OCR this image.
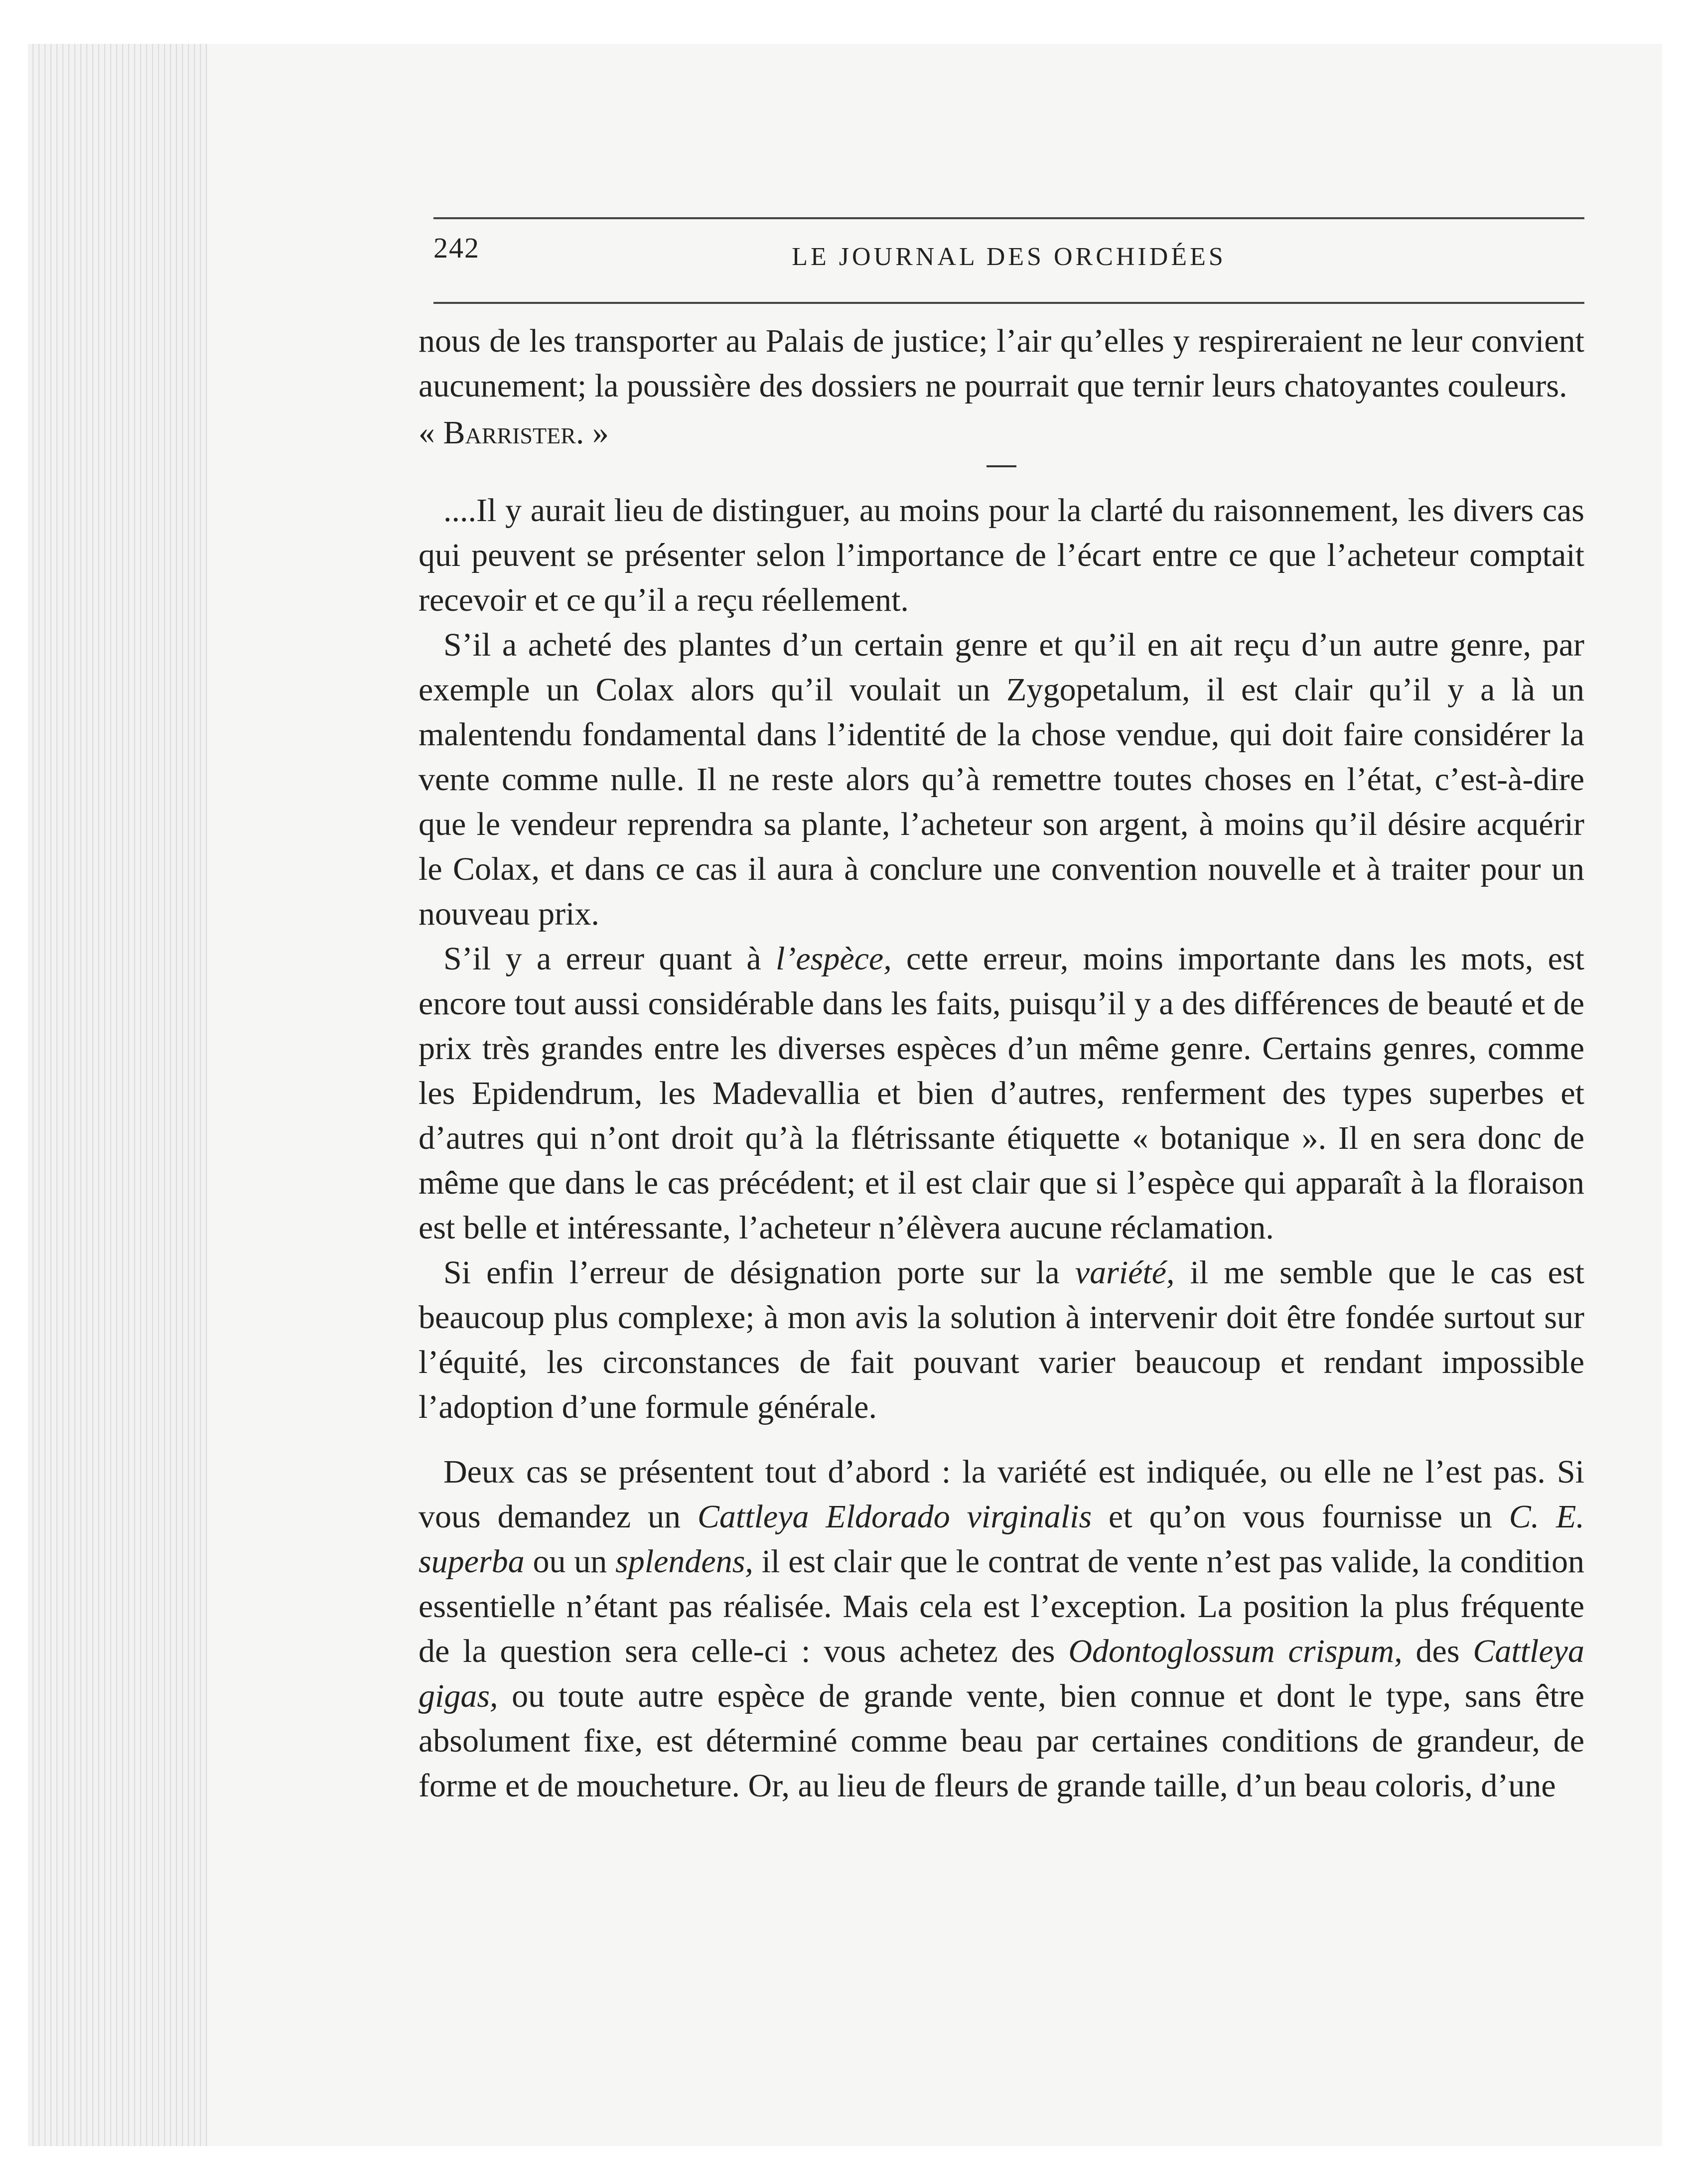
242	LE JOURNAL DES ORCHIDÉES

nous de les transporter au Palais de justice; l’air qu’elles y respireraient ne leur convient aucunement; la poussière des dossiers ne pourrait que ternir leurs chatoyantes couleurs.

« Barrister. »

....Il y aurait lieu de distinguer, au moins pour la clarté du raisonnement, les divers cas qui peuvent se présenter selon l’importance de l’écart entre ce que l’acheteur comptait recevoir et ce qu’il a reçu réellement.

S’il a acheté des plantes d’un certain genre et qu’il en ait reçu d’un autre genre, par exemple un Colax alors qu’il voulait un Zygopetalum, il est clair qu’il y a là un malentendu fondamental dans l’identité de la chose vendue, qui doit faire considérer la vente comme nulle. Il ne reste alors qu’à remettre toutes choses en l’état, c’est-à-dire que le vendeur reprendra sa plante, l’acheteur son argent, à moins qu’il désire acquérir le Colax, et dans ce cas il aura à conclure une convention nouvelle et à traiter pour un nouveau prix.

S’il y a erreur quant à l’espèce, cette erreur, moins importante dans les mots, est encore tout aussi considérable dans les faits, puisqu’il y a des différences de beauté et de prix très grandes entre les diverses espèces d’un même genre. Certains genres, comme les Epidendrum, les Madevallia et bien d’autres, renferment des types superbes et d’autres qui n’ont droit qu’à la flétrissante étiquette « botanique ». Il en sera donc de même que dans le cas précédent; et il est clair que si l’espèce qui apparaît à la floraison est belle et intéressante, l’acheteur n’élèvera aucune réclamation.

Si enfin l’erreur de désignation porte sur la variété, il me semble que le cas est beaucoup plus complexe; à mon avis la solution à intervenir doit être fondée surtout sur l’équité, les circonstances de fait pouvant varier beaucoup et rendant impossible l’adoption d’une formule générale.

Deux cas se présentent tout d’abord : la variété est indiquée, ou elle ne l’est pas. Si vous demandez un Cattleya Eldorado virginalis et qu’on vous fournisse un C. E. superba ou un splendens, il est clair que le contrat de vente n’est pas valide, la condition essentielle n’étant pas réalisée. Mais cela est l’exception. La position la plus fréquente de la question sera celle-ci : vous achetez des Odontoglossum crispum, des Cattleya gigas, ou toute autre espèce de grande vente, bien connue et dont le type, sans être absolument fixe, est déterminé comme beau par certaines conditions de grandeur, de forme et de moucheture. Or, au lieu de fleurs de grande taille, d’un beau coloris, d’une
